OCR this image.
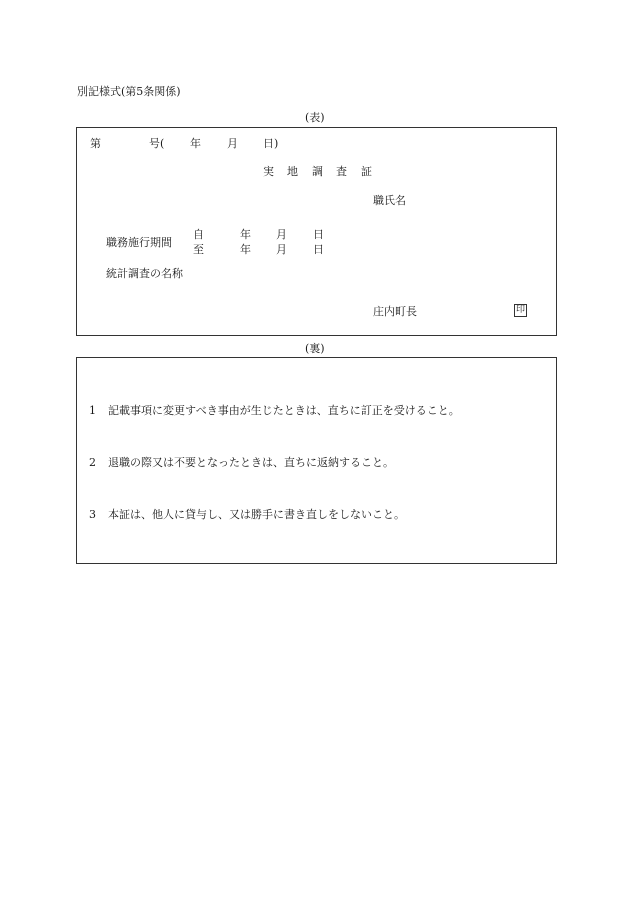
別記様式(第5条関係)
(表)
第	号( 年 月 日)
実 地 調 査 証
職氏名
職務施行期間
自	年 月 日
至	年 月 日
統計調査の名称
庄内町長	印
(裏)
1 記載事項に変更すべき事由が生じたときは、直ちに訂正を受けること。
2 退職の際又は不要となったときは、直ちに返納すること。
3 本証は、他人に貸与し、又は勝手に書き直しをしないこと。
